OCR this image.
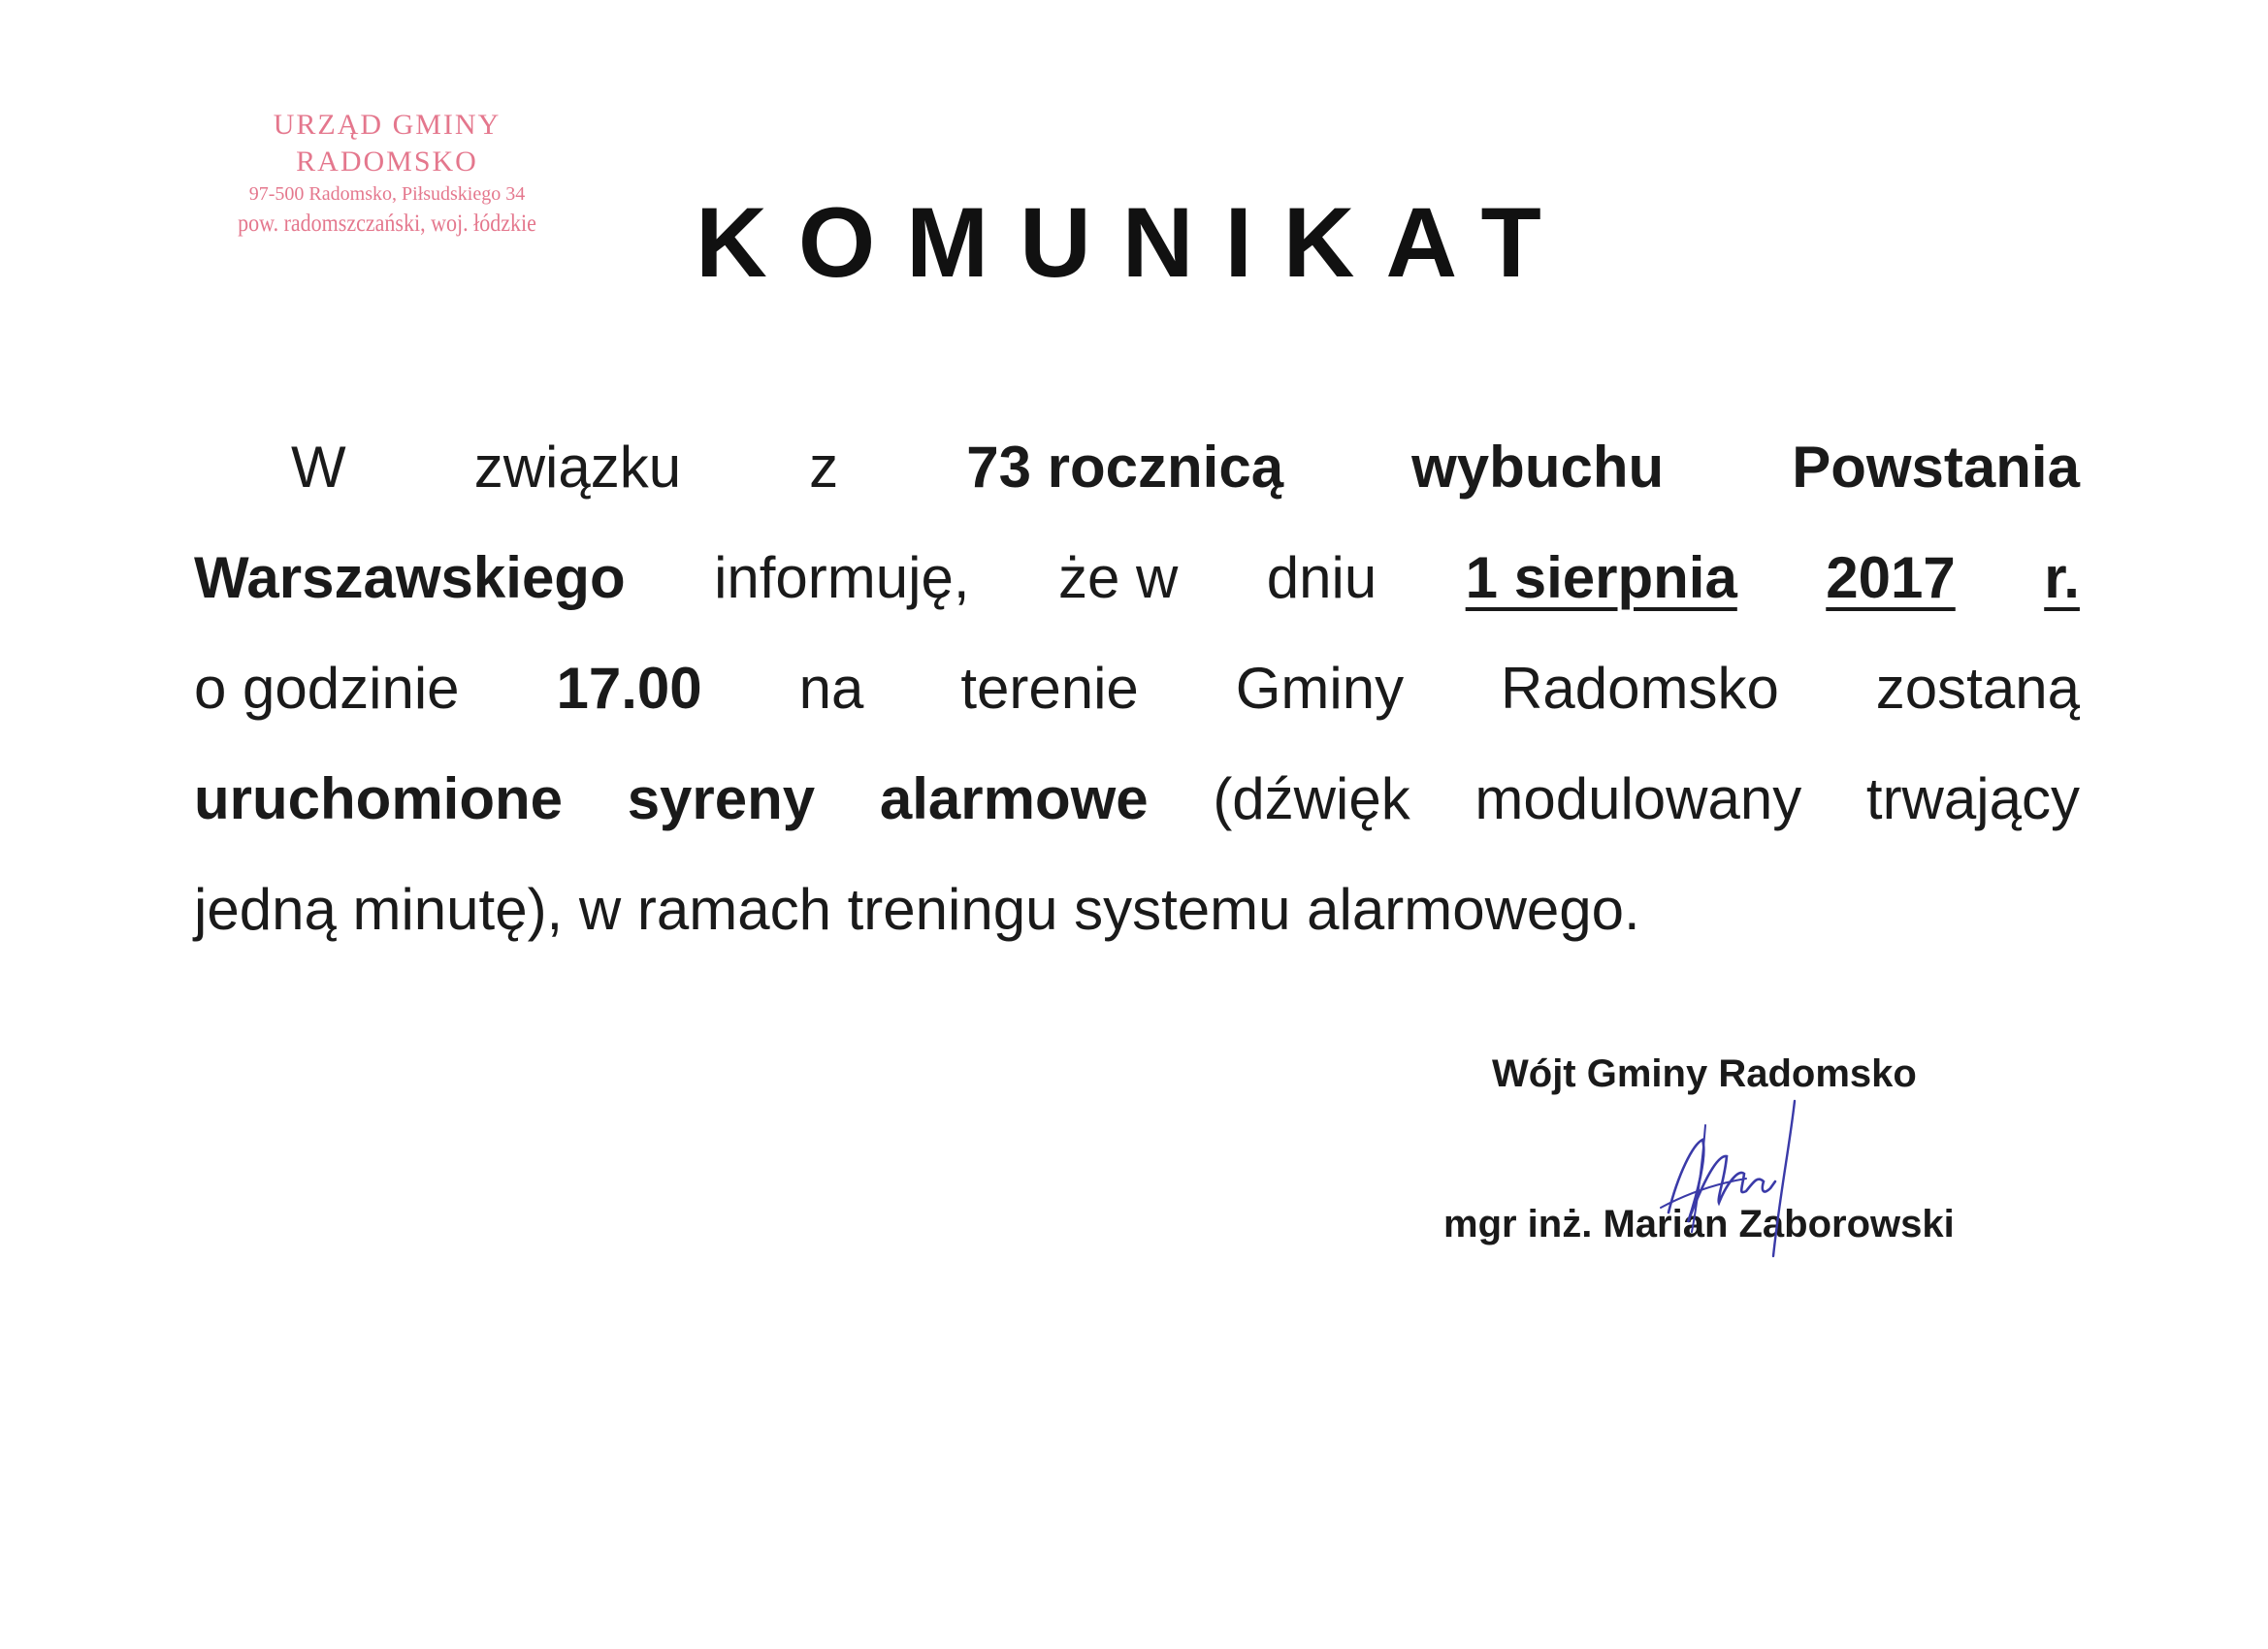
URZĄD GMINY RADOMSKO
97-500 Radomsko, Piłsudskiego 34
pow. radomszczański, woj. łódzkie	KOMUNIKAT
W związku z 73 rocznicą wybuchu Powstania
Warszawskiego informuję, że w dniu 1 sierpnia 2017 r.
o godzinie 17.00 na terenie Gminy Radomsko zostaną
uruchomione syreny alarmowe (dźwięk modulowany trwający
jedną minutę), w ramach treningu systemu alarmowego.
Wójt Gminy Radomsko
mgr inż. Marian Zaborowski
